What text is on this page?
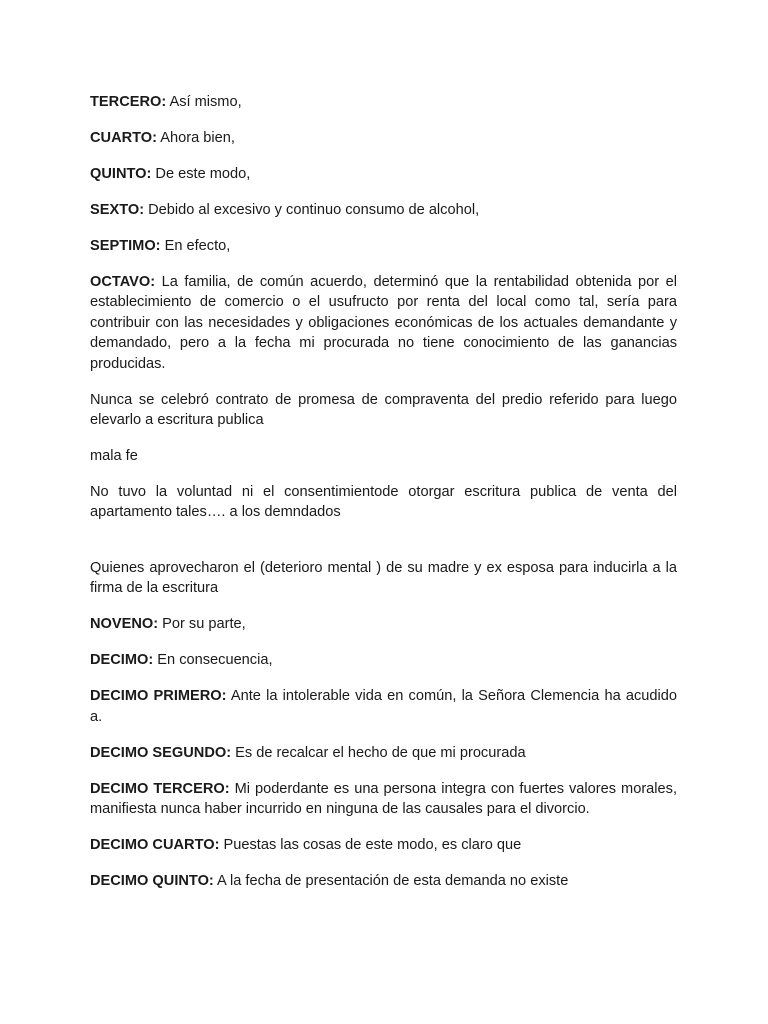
TERCERO: Así mismo,

CUARTO: Ahora bien,

QUINTO: De este modo,

SEXTO: Debido al excesivo y continuo consumo de alcohol,

SEPTIMO: En efecto,

OCTAVO: La familia, de común acuerdo, determinó que la rentabilidad obtenida por el establecimiento de comercio o el usufructo por renta del local como tal, sería para contribuir con las necesidades y obligaciones económicas de los actuales demandante y demandado, pero a la fecha mi procurada no tiene conocimiento de las ganancias producidas.

Nunca se celebró contrato de promesa de compraventa del predio referido para luego elevarlo a escritura publica

mala fe

No tuvo la voluntad ni el consentimientode otorgar escritura publica de venta del apartamento tales…. a los demndados

Quienes aprovecharon el (deterioro mental ) de su madre y ex esposa para inducirla a la firma de la escritura

NOVENO: Por su parte,

DECIMO: En consecuencia,

DECIMO PRIMERO: Ante la intolerable vida en común, la Señora Clemencia ha acudido a.

DECIMO SEGUNDO: Es de recalcar el hecho de que mi procurada

DECIMO TERCERO: Mi poderdante es una persona integra con fuertes valores morales, manifiesta nunca haber incurrido en ninguna de las causales para el divorcio.

DECIMO CUARTO: Puestas las cosas de este modo, es claro que

DECIMO QUINTO: A la fecha de presentación de esta demanda no existe
